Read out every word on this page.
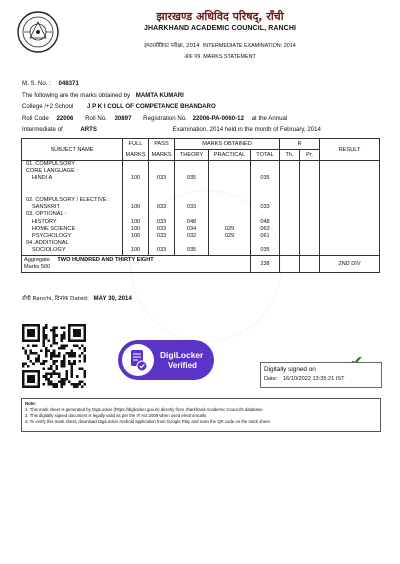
झारखण्ड अधिविद परिषद्, राँची
JHARKHAND ACADEMIC COUNCIL, RANCHI
इण्टरमीडिएट परीक्षा, 2014 INTERMEDIATE EXAMINATION: 2014
अंक पत्र MARKS STATEMENT
M. S. No. : 048371
The following are the marks obtained by MAMTA KUMARI
College /+2 School J P K I COLL OF COMPETANCE BHANDARO
Roll Code 22006 Roll No. 30897 Registration No. 22006-PA-0060-12 at the Annual
Intermediate of	ARTS	Examination, 2014 held in the month of February, 2014
SUBJECT NAME	FULL	PASS	MARKS OBTAINED			R		RESULT
	MARKS	MARKS	THEORY	PRACTICAL	TOTAL	Th.	Pr.	
01. COMPULSORY								
CORE LANGUAGE :								
HINDI A	100	033	035		035			

02. COMPULSORY / ELECTIVE :								
SANSKRIT	100	033	033		033			
03. OPTIONAL :								
HISTORY	100	033	048		048			
HOME SCIENCE	100	033	034	029	063			
PSYCHOLOGY	100	033	032	029	061			
04. ADDITIONAL								
SOCIOLOGY	100	033	035		035			
Aggregate TWO HUNDRED AND THIRTY EIGHT
Marks 500					238			2ND DIV
राँची Ranchi, दिनांक Dated: MAY 30, 2014
DigiLocker
Verified	Digitally signed on
Date: 16/10/2022 13:35:21 IST
Note:
1. This mark sheet is generated by DigiLocker (https://digilocker.gov.in) directly from Jharkhand Academic Council's database
2. This digitally signed document is legally valid as per the IT Act 2000 when used electronically.
3. To verify this mark sheet, download DigiLocker Android application from Google Play and scan the QR code on the mark sheet.
